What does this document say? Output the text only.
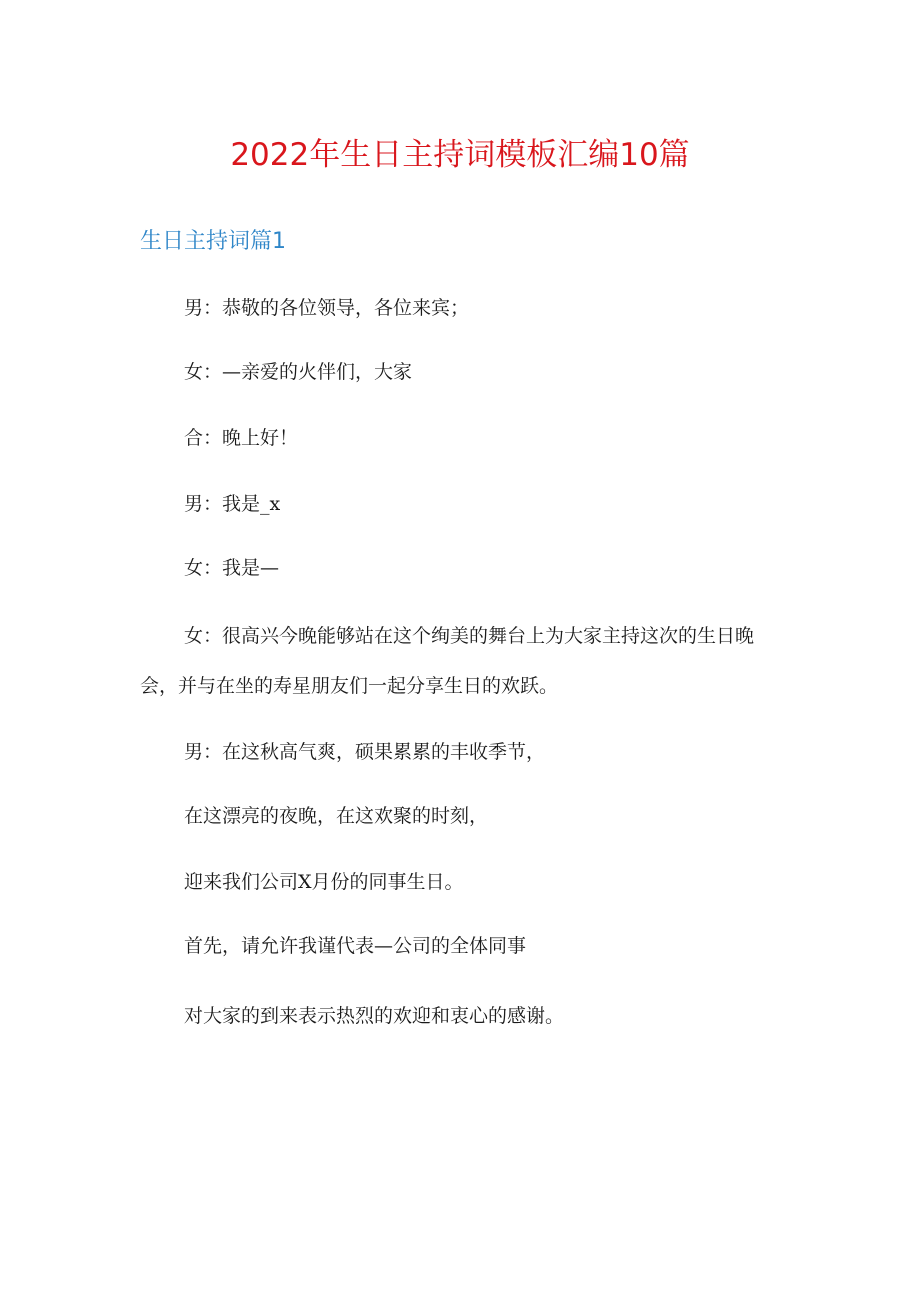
2022年生日主持词模板汇编10篇
生日主持词篇1

男：恭敬的各位领导，各位来宾；

女：—亲爱的火伴们，大家

合：晚上好！

男：我是_x

女：我是—

女：很高兴今晚能够站在这个绚美的舞台上为大家主持这次的生日晚会，并与在坐的寿星朋友们一起分享生日的欢跃。

男：在这秋高气爽，硕果累累的丰收季节，

在这漂亮的夜晚，在这欢聚的时刻，

迎来我们公司X月份的同事生日。

首先，请允许我谨代表—公司的全体同事

对大家的到来表示热烈的欢迎和衷心的感谢。
